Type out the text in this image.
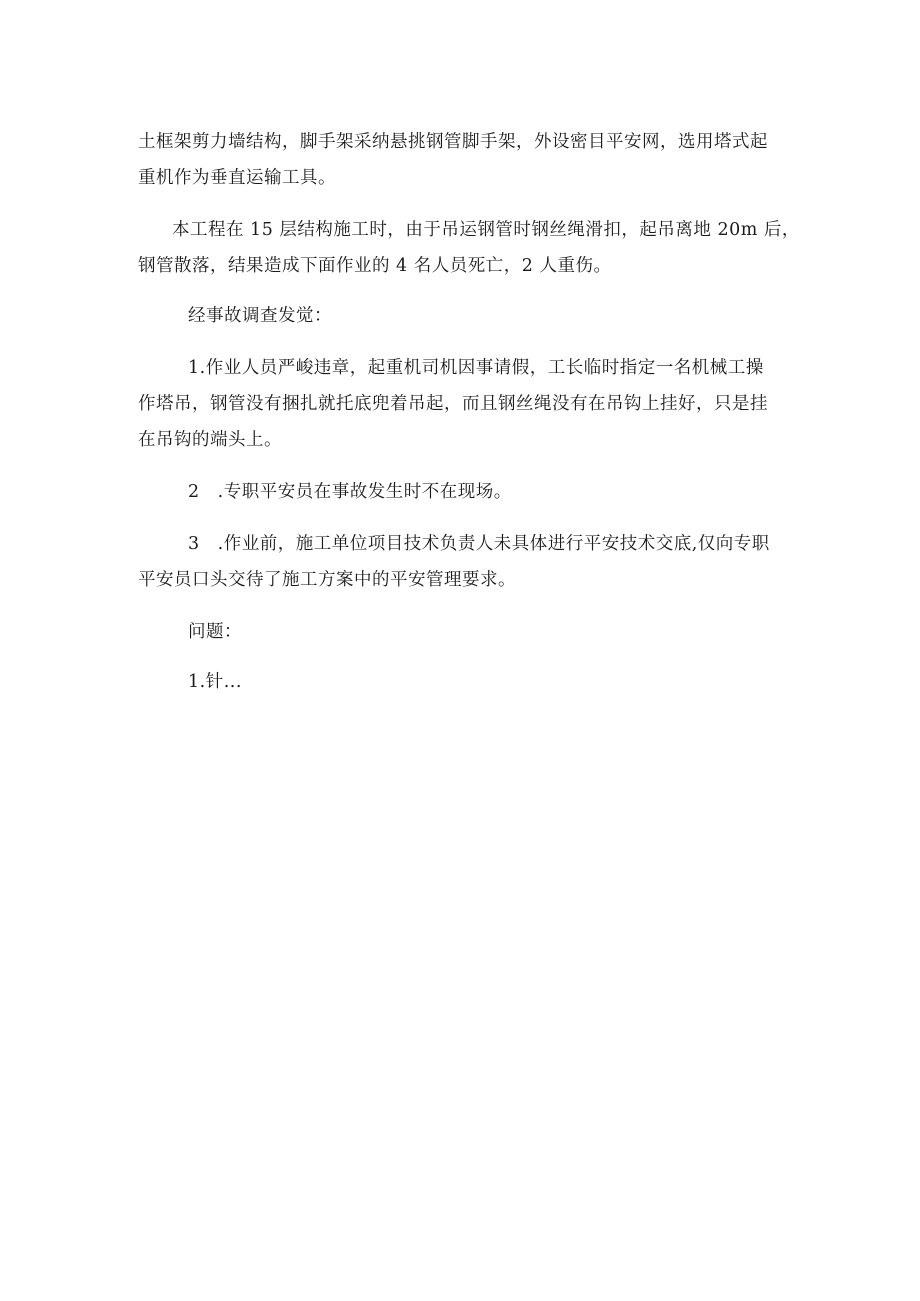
土框架剪力墙结构，脚手架采纳悬挑钢管脚手架，外设密目平安网，选用塔式起
重机作为垂直运输工具。

本工程在 15 层结构施工时，由于吊运钢管时钢丝绳滑扣，起吊离地 20m 后，
钢管散落，结果造成下面作业的 4 名人员死亡，2 人重伤。

经事故调查发觉：

1.作业人员严峻违章，起重机司机因事请假，工长临时指定一名机械工操
作塔吊，钢管没有捆扎就托底兜着吊起，而且钢丝绳没有在吊钩上挂好，只是挂
在吊钩的端头上。

2　.专职平安员在事故发生时不在现场。

3　.作业前，施工单位项目技术负责人未具体进行平安技术交底,仅向专职
平安员口头交待了施工方案中的平安管理要求。

问题：

1.针...
